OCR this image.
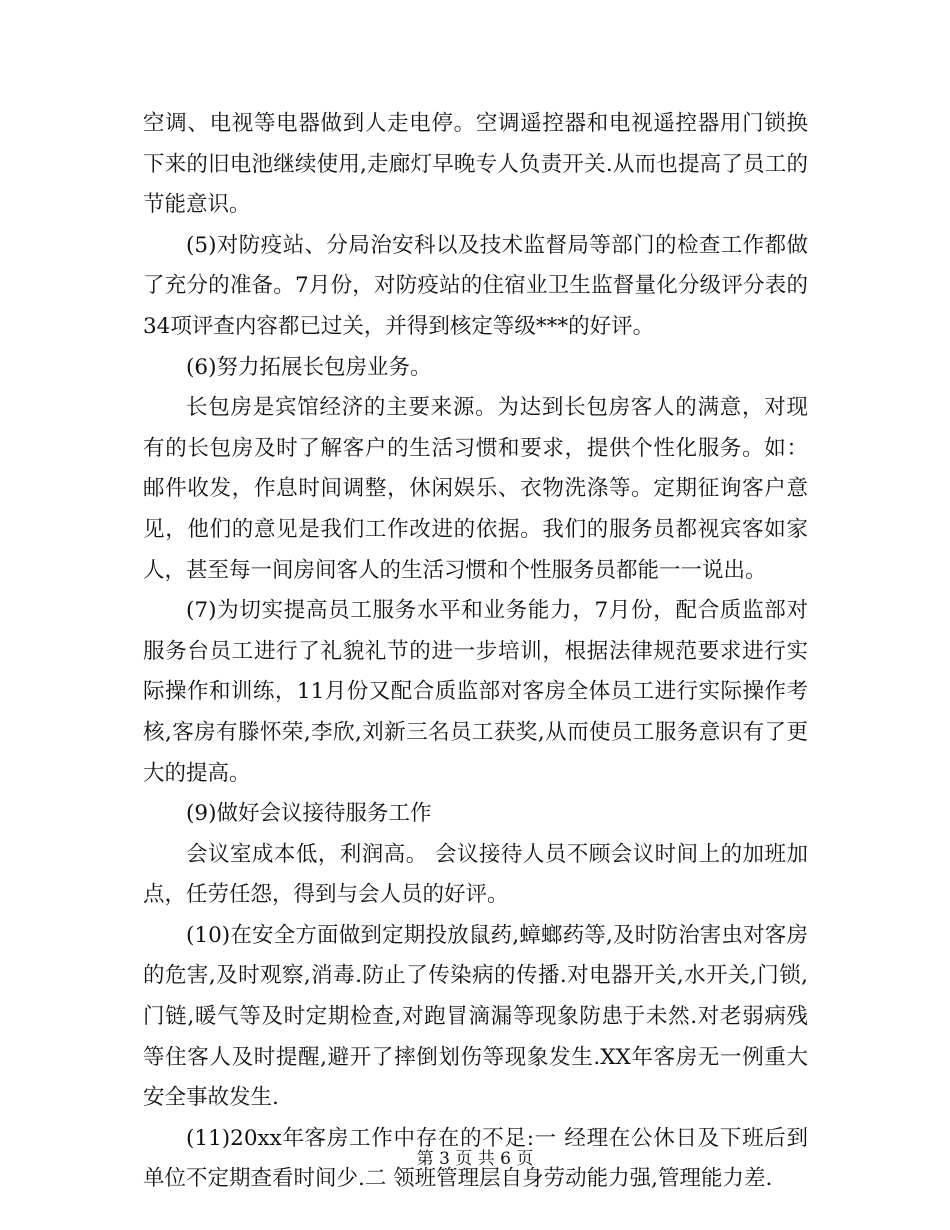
空调、电视等电器做到人走电停。空调遥控器和电视遥控器用门锁换下来的旧电池继续使用,走廊灯早晚专人负责开关.从而也提高了员工的节能意识。

(5)对防疫站、分局治安科以及技术监督局等部门的检查工作都做了充分的准备。7月份，对防疫站的住宿业卫生监督量化分级评分表的34项评查内容都已过关，并得到核定等级***的好评。

(6)努力拓展长包房业务。

长包房是宾馆经济的主要来源。为达到长包房客人的满意，对现有的长包房及时了解客户的生活习惯和要求，提供个性化服务。如：邮件收发，作息时间调整，休闲娱乐、衣物洗涤等。定期征询客户意见，他们的意见是我们工作改进的依据。我们的服务员都视宾客如家人，甚至每一间房间客人的生活习惯和个性服务员都能一一说出。

(7)为切实提高员工服务水平和业务能力，7月份，配合质监部对服务台员工进行了礼貌礼节的进一步培训，根据法律规范要求进行实际操作和训练，11月份又配合质监部对客房全体员工进行实际操作考核,客房有滕怀荣,李欣,刘新三名员工获奖,从而使员工服务意识有了更大的提高。

(9)做好会议接待服务工作

会议室成本低，利润高。 会议接待人员不顾会议时间上的加班加点，任劳任怨，得到与会人员的好评。

(10)在安全方面做到定期投放鼠药,蟑螂药等,及时防治害虫对客房的危害,及时观察,消毒.防止了传染病的传播.对电器开关,水开关,门锁,门链,暖气等及时定期检查,对跑冒滴漏等现象防患于未然.对老弱病残等住客人及时提醒,避开了摔倒划伤等现象发生.XX年客房无一例重大安全事故发生.

(11)20xx年客房工作中存在的不足:一 经理在公休日及下班后到单位不定期查看时间少.二 领班管理层自身劳动能力强,管理能力差.

第 3 页 共 6 页
